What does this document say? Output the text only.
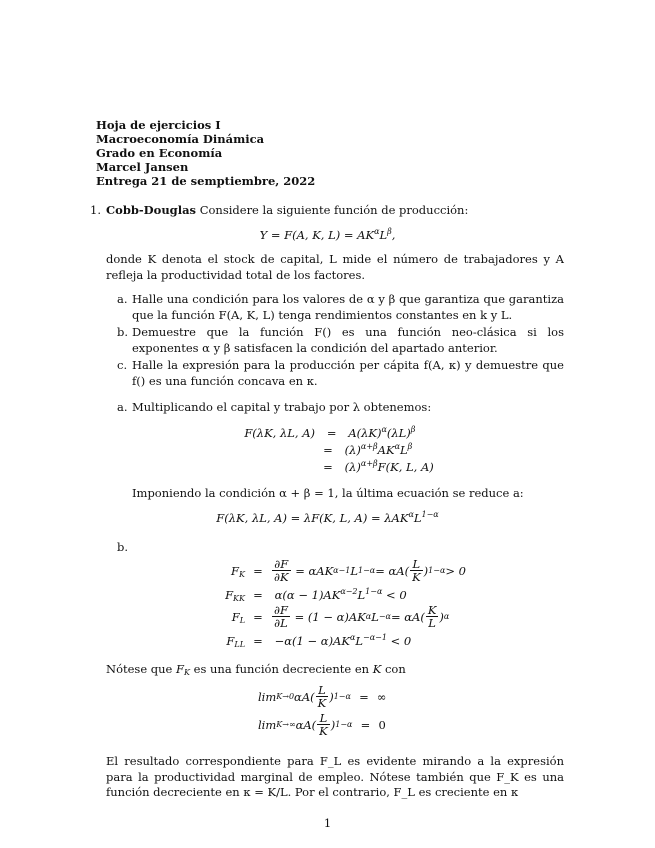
Hoja de ejercicios I
Macroeconomía Dinámica
Grado en Economía
Marcel Jansen
Entrega 21 de semptiembre, 2022
1. Cobb-Douglas Considere la siguiente función de producción:
Y = F(A, K, $L) = AK^\alpha L^\beta$,
donde K denota el stock de capital, L mide el número de trabajadores y A refleja la productividad total de los factores.
a. Halle una condición para los valores de α y β que garantiza que garantiza que la función F(A, K, L) tenga rendimientos constantes en k y L.
b. Demuestre que la función F() es una función neo-clásica si los exponentes α y β satisfacen la condición del apartado anterior.
c. Halle la expresión para la producción per cápita f(A, κ) y demuestre que f() es una función concava en κ.
a. Multiplicando el capital y trabajo por λ obtenemos:
F(λK, λL, $A) = A(\lambda K)^\alpha(\lambda L)^\beta$
= $(\lambda)^{\alpha+\beta}AK^\alpha L^\beta$
= $(\lambda)^{\alpha+\beta}F(K$, L, A)
Imponiendo la condición α + β = 1, la última ecuación se reduce a:
F(λK, λL, A) = λF(K, L, $A) = \lambda AK^\alpha L^{1-\alpha}$
b.
$F_K = \frac{\partial F}{\partial K} = \alpha AK$ α−1 L $1-\alpha = \alpha A( \frac{L}{K}$ ) 1−α > 0
$F_{KK} = \alpha(\alpha - 1)AK^{\alpha-2}L^{1-\alpha} < 0$
$F_L = \frac{\partial F}{\partial L} = (1 - \alpha)AK$ α $L -\alpha = \alpha A( \frac{K}{L}$ ) α
$F_{LL} = -\alpha(1 - \alpha)AK^\alpha L^{-\alpha-1} < 0$
Nótese que $F_K$ es una función decreciente en K con
lim K→0 $\alpha A( \frac{L}{K}$ ) 1−α = ∞
lim K→∞ $\alpha A( \frac{L}{K}$ ) 1−α = 0
El resultado correspondiente para F_L es evidente mirando a la expresión para la productividad marginal de empleo. Nótese también que F_K es una función decreciente en κ = K/L. Por el contrario, F_L es creciente en κ
1
